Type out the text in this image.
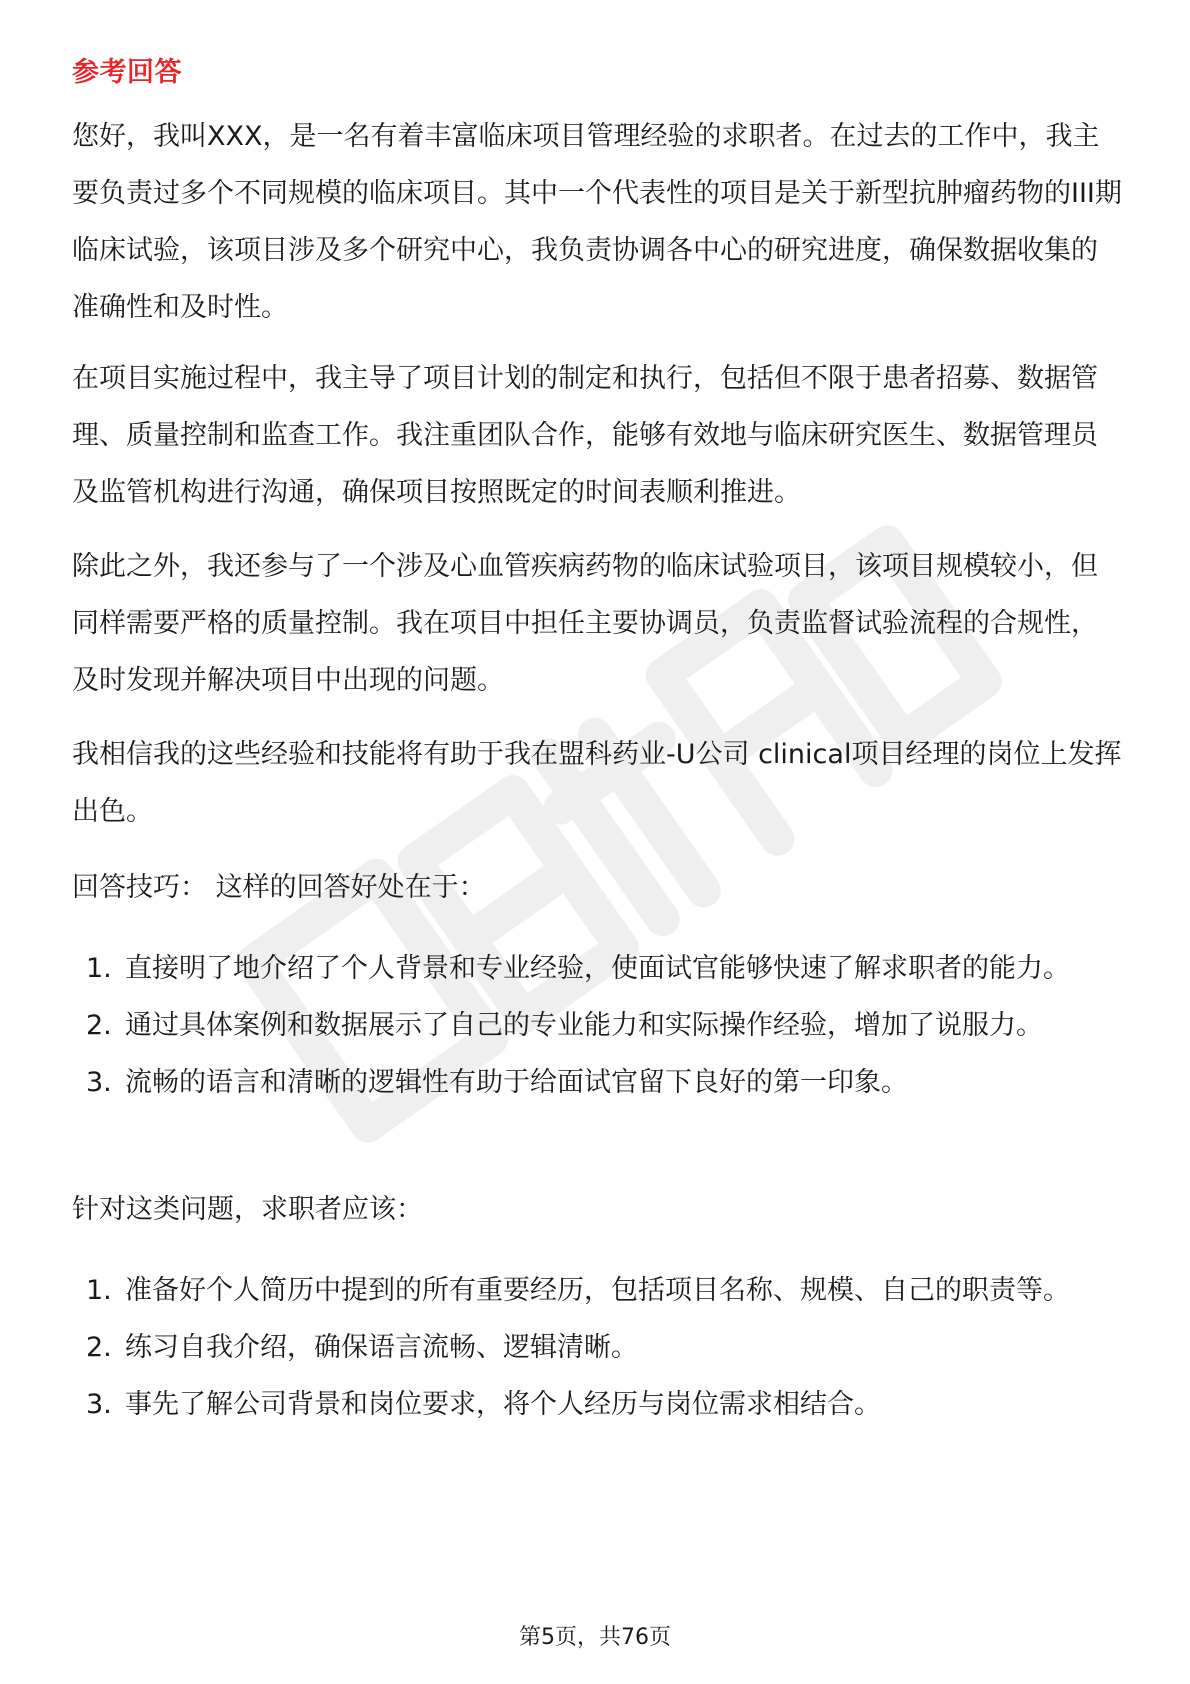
参考回答

您好，我叫XXX，是一名有着丰富临床项目管理经验的求职者。在过去的工作中，我主要负责过多个不同规模的临床项目。其中一个代表性的项目是关于新型抗肿瘤药物的III期临床试验，该项目涉及多个研究中心，我负责协调各中心的研究进度，确保数据收集的准确性和及时性。

在项目实施过程中，我主导了项目计划的制定和执行，包括但不限于患者招募、数据管理、质量控制和监查工作。我注重团队合作，能够有效地与临床研究医生、数据管理员及监管机构进行沟通，确保项目按照既定的时间表顺利推进。

除此之外，我还参与了一个涉及心血管疾病药物的临床试验项目，该项目规模较小，但同样需要严格的质量控制。我在项目中担任主要协调员，负责监督试验流程的合规性，及时发现并解决项目中出现的问题。

我相信我的这些经验和技能将有助于我在盟科药业-U公司 clinical项目经理的岗位上发挥出色。

回答技巧： 这样的回答好处在于：

1. 直接明了地介绍了个人背景和专业经验，使面试官能够快速了解求职者的能力。
2. 通过具体案例和数据展示了自己的专业能力和实际操作经验，增加了说服力。
3. 流畅的语言和清晰的逻辑性有助于给面试官留下良好的第一印象。

针对这类问题，求职者应该：

1. 准备好个人简历中提到的所有重要经历，包括项目名称、规模、自己的职责等。
2. 练习自我介绍，确保语言流畅、逻辑清晰。
3. 事先了解公司背景和岗位要求，将个人经历与岗位需求相结合。
第5页，共76页
